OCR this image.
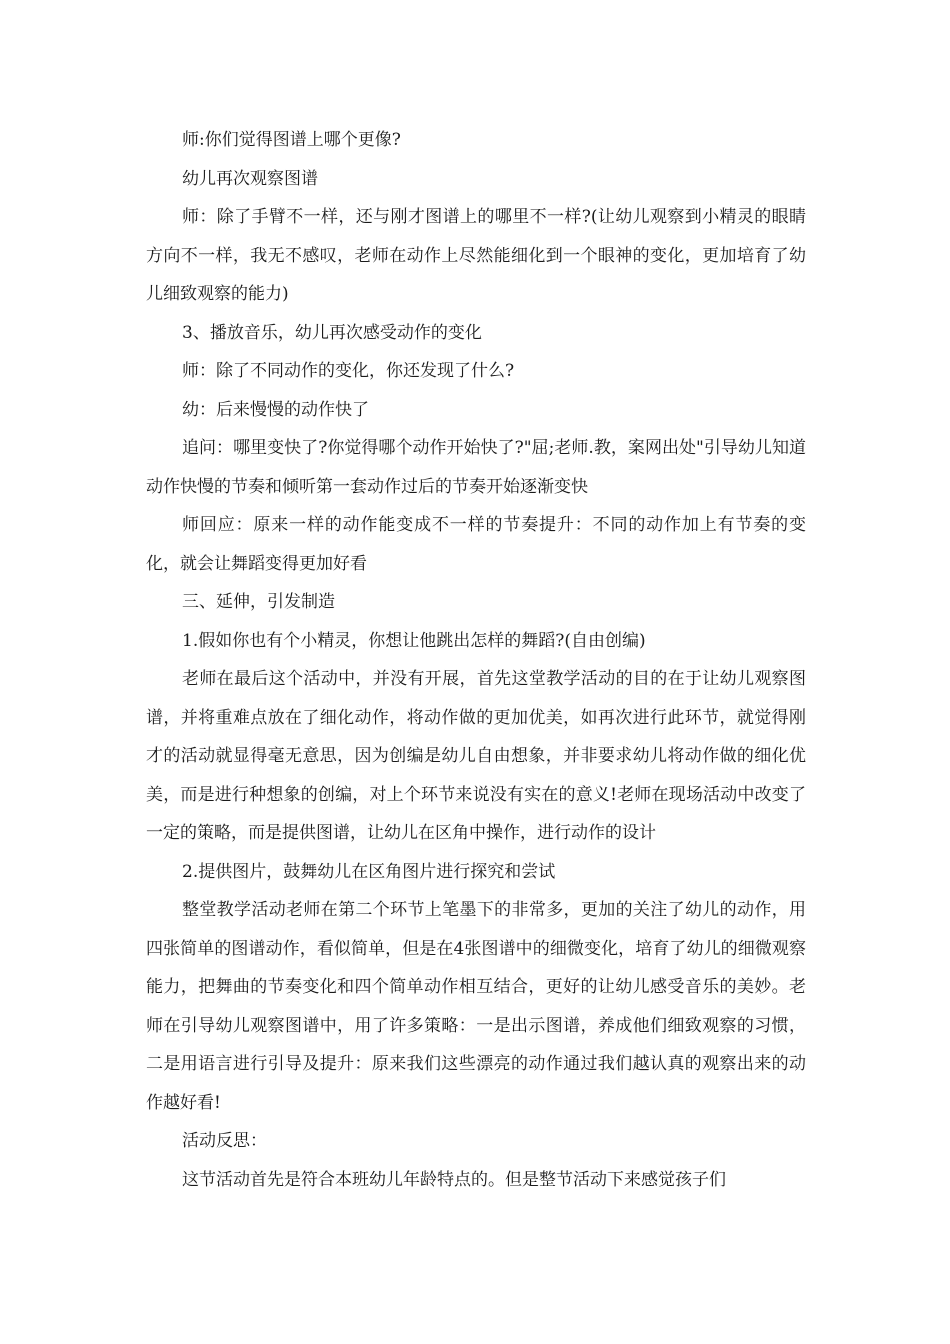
师:你们觉得图谱上哪个更像?

幼儿再次观察图谱

师：除了手臂不一样，还与刚才图谱上的哪里不一样?(让幼儿观察到小精灵的眼睛方向不一样，我无不感叹，老师在动作上尽然能细化到一个眼神的变化，更加培育了幼儿细致观察的能力)

3、播放音乐，幼儿再次感受动作的变化

师：除了不同动作的变化，你还发现了什么?

幼：后来慢慢的动作快了

追问：哪里变快了?你觉得哪个动作开始快了?"屈;老师.教，案网出处"引导幼儿知道动作快慢的节奏和倾听第一套动作过后的节奏开始逐渐变快

师回应：原来一样的动作能变成不一样的节奏提升：不同的动作加上有节奏的变化，就会让舞蹈变得更加好看

三、延伸，引发制造

1.假如你也有个小精灵，你想让他跳出怎样的舞蹈?(自由创编)

老师在最后这个活动中，并没有开展，首先这堂教学活动的目的在于让幼儿观察图谱，并将重难点放在了细化动作，将动作做的更加优美，如再次进行此环节，就觉得刚才的活动就显得毫无意思，因为创编是幼儿自由想象，并非要求幼儿将动作做的细化优美，而是进行种想象的创编，对上个环节来说没有实在的意义!老师在现场活动中改变了一定的策略，而是提供图谱，让幼儿在区角中操作，进行动作的设计

2.提供图片，鼓舞幼儿在区角图片进行探究和尝试

整堂教学活动老师在第二个环节上笔墨下的非常多，更加的关注了幼儿的动作，用四张简单的图谱动作，看似简单，但是在4张图谱中的细微变化，培育了幼儿的细微观察能力，把舞曲的节奏变化和四个简单动作相互结合，更好的让幼儿感受音乐的美妙。老师在引导幼儿观察图谱中，用了许多策略：一是出示图谱，养成他们细致观察的习惯，二是用语言进行引导及提升：原来我们这些漂亮的动作通过我们越认真的观察出来的动作越好看!

活动反思：

这节活动首先是符合本班幼儿年龄特点的。但是整节活动下来感觉孩子们
